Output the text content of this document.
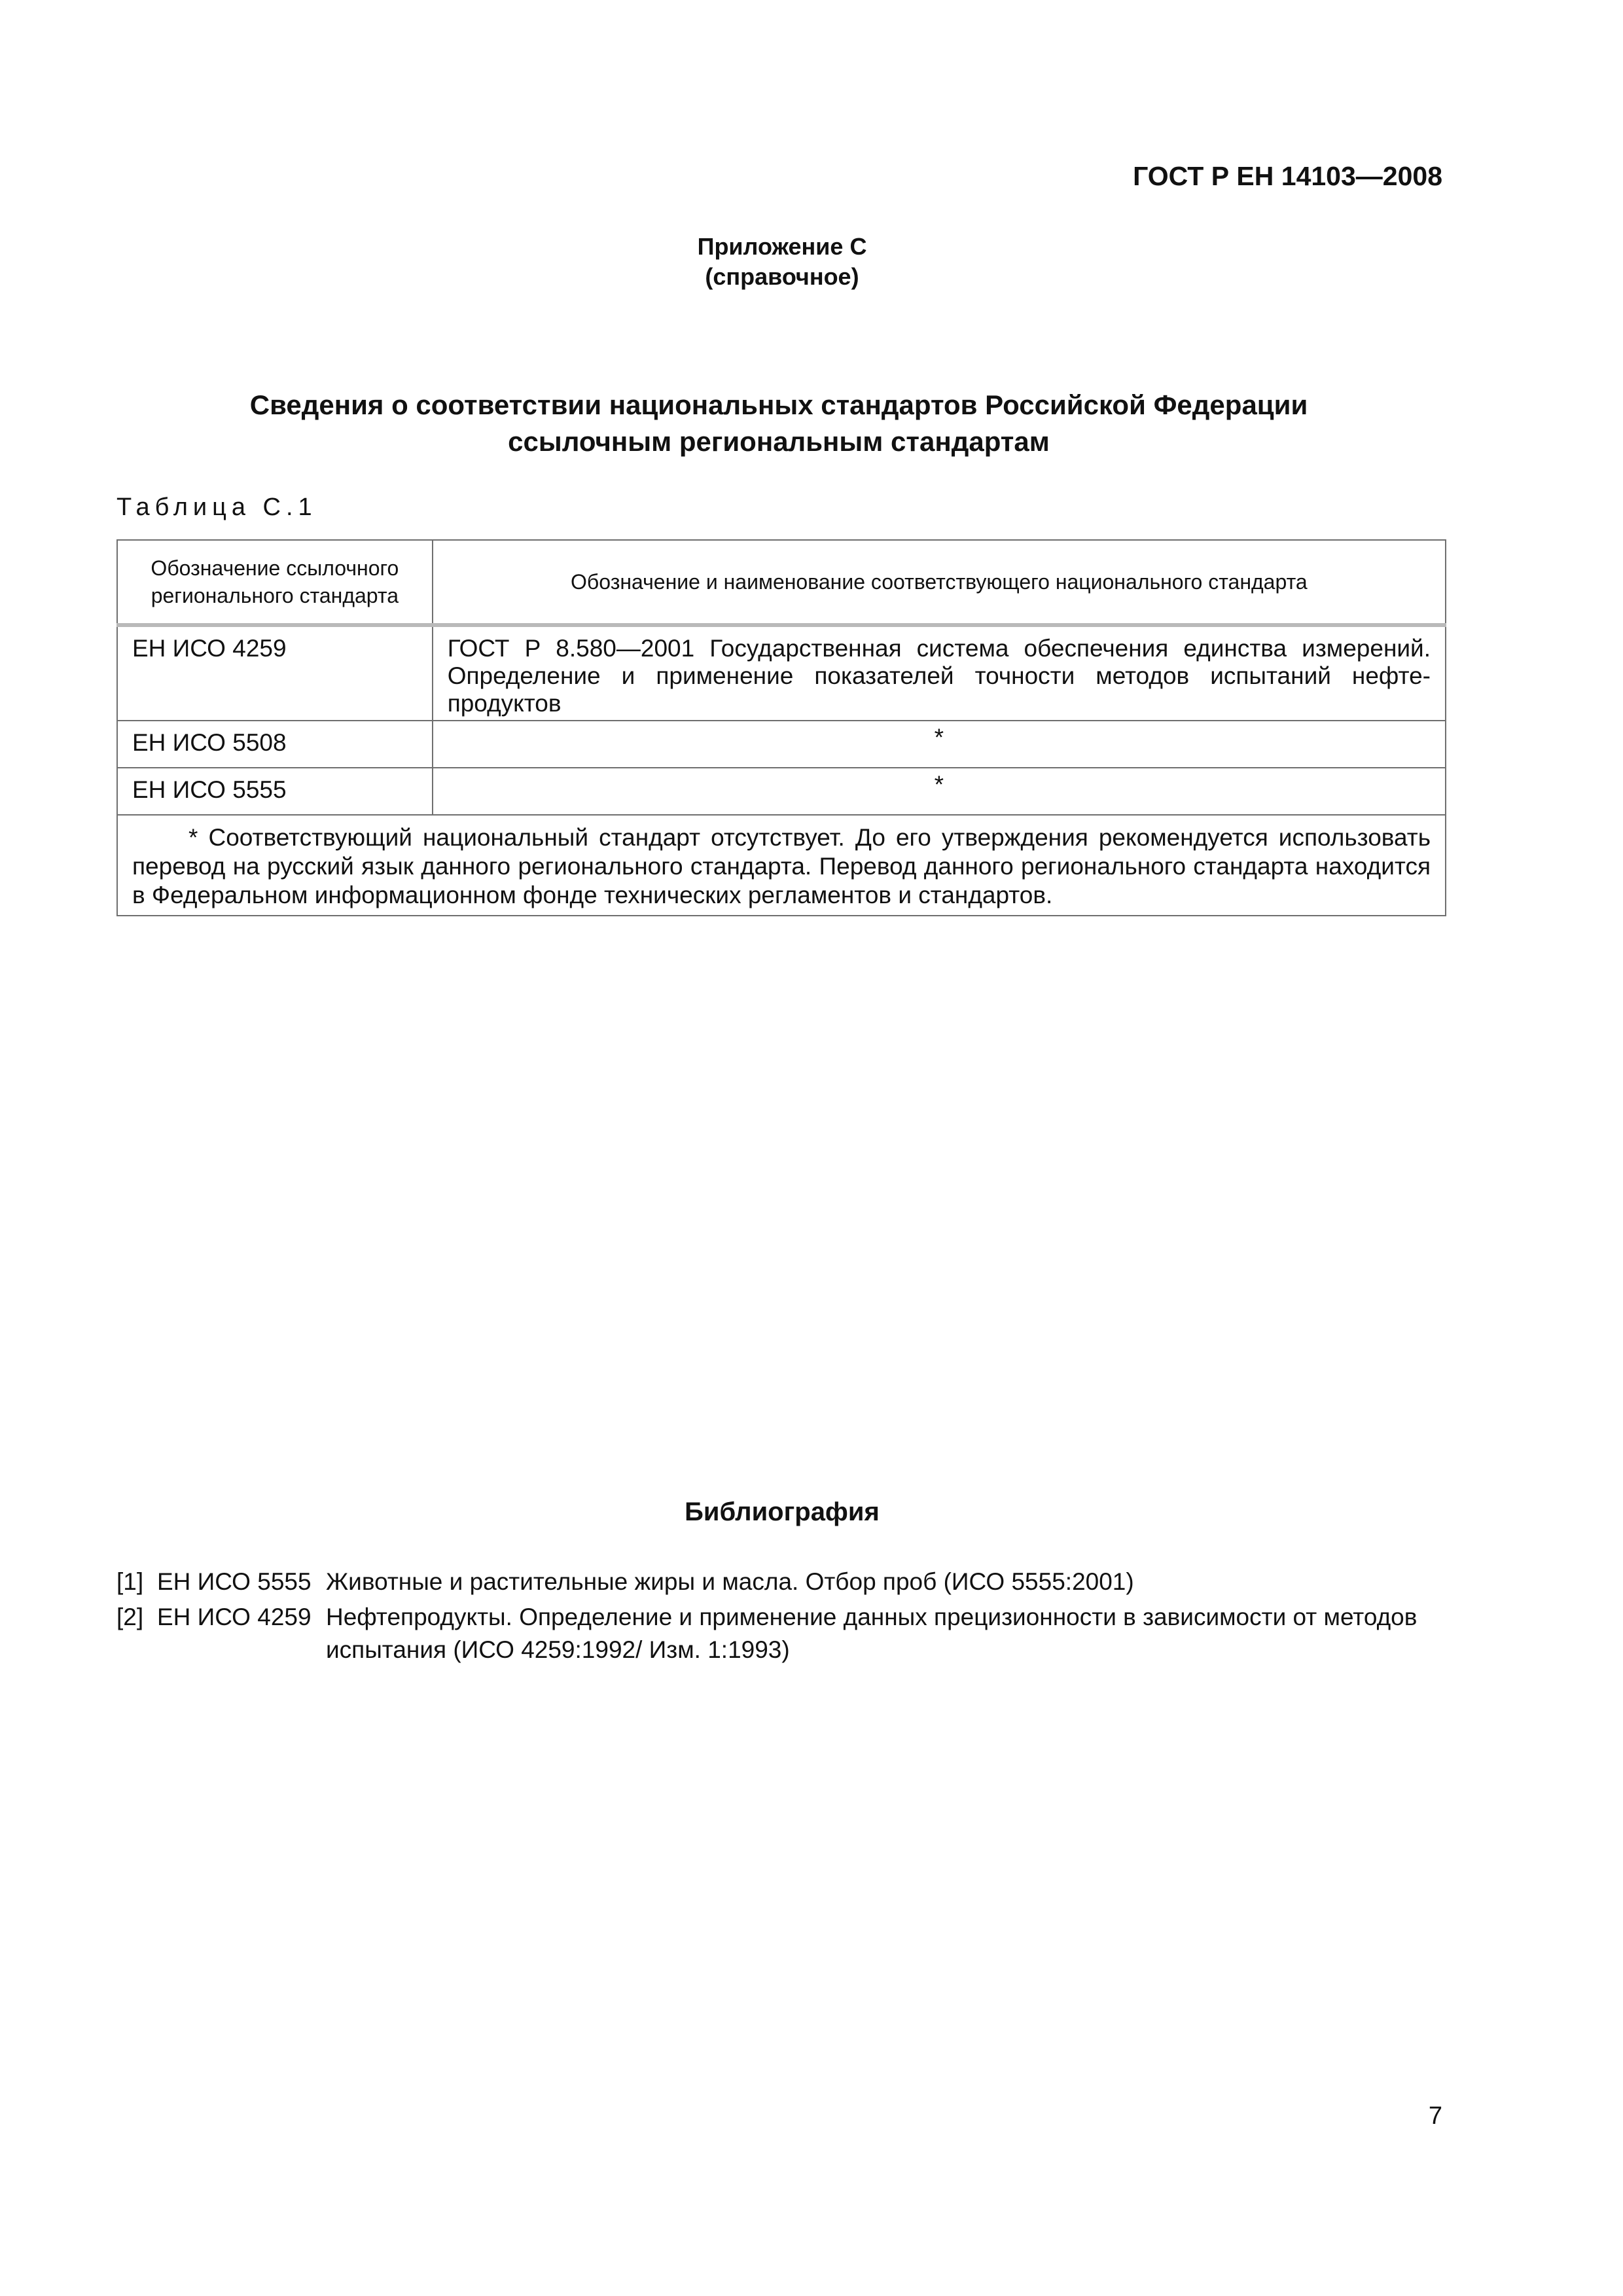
ГОСТ Р ЕН 14103—2008
Приложение С
(справочное)
Сведения о соответствии национальных стандартов Российской Федерации
ссылочным региональным стандартам
Таблица С.1
Обозначение ссылочного регионального стандарта	Обозначение и наименование соответствующего национального стандарта
ЕН ИСО 4259	ГОСТ Р 8.580—2001 Государственная система обеспечения единства измерений. Определение и применение показателей точности методов испытаний нефте-продуктов
ЕН ИСО 5508	*
ЕН ИСО 5555	*

* Соответствующий национальный стандарт отсутствует. До его утверждения рекомендуется использовать перевод на русский язык данного регионального стандарта. Перевод данного регионального стандарта находится в Федеральном информационном фонде технических регламентов и стандартов.	
Библиография
[1] ЕН ИСО 5555 Животные и растительные жиры и масла. Отбор проб (ИСО 5555:2001)
[2] ЕН ИСО 4259 Нефтепродукты. Определение и применение данных прецизионности в зависимости от методов
испытания (ИСО 4259:1992/ Изм. 1:1993)
7
